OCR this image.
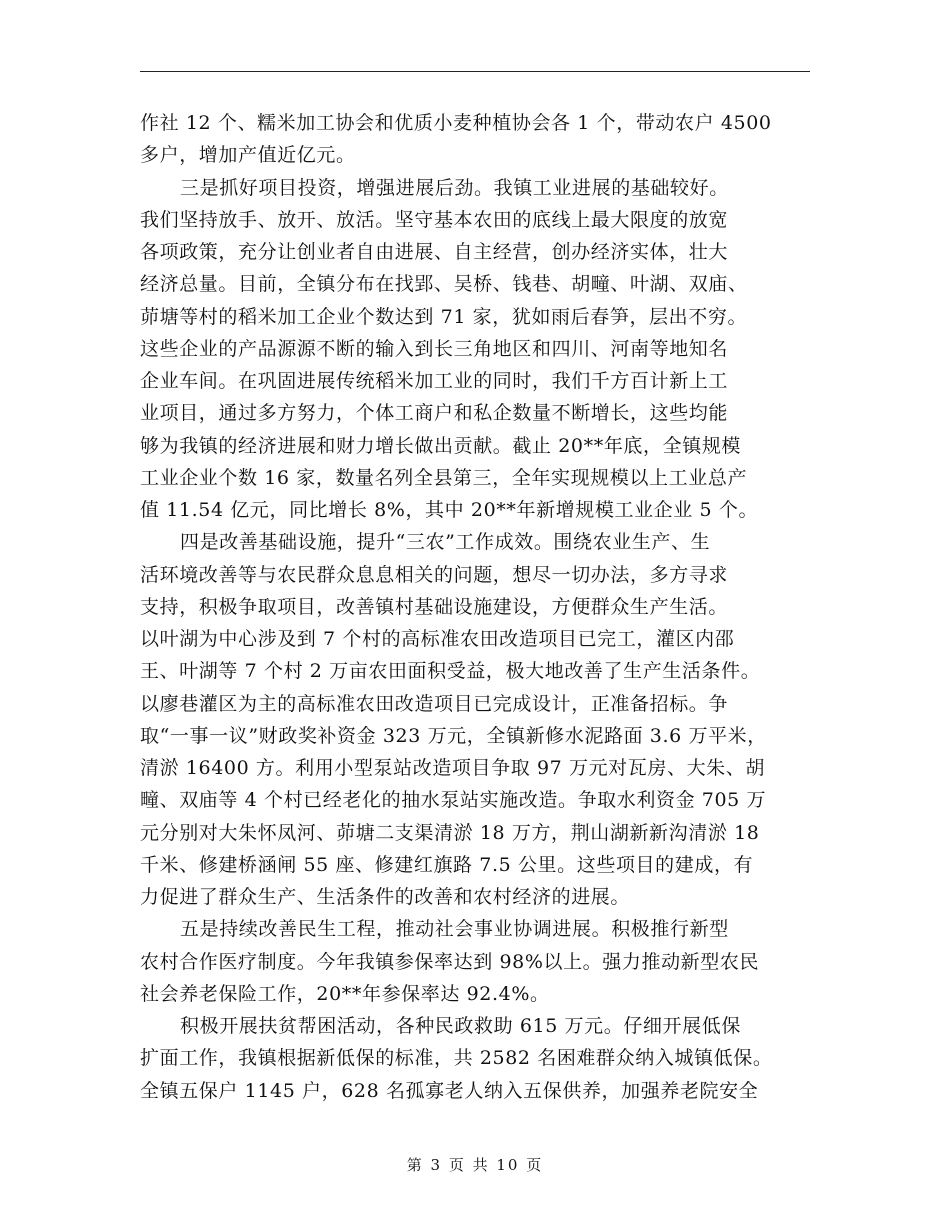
作社 12 个、糯米加工协会和优质小麦种植协会各 1 个，带动农户 4500
多户，增加产值近亿元。
三是抓好项目投资，增强进展后劲。我镇工业进展的基础较好。
我们坚持放手、放开、放活。坚守基本农田的底线上最大限度的放宽
各项政策，充分让创业者自由进展、自主经营，创办经济实体，壮大
经济总量。目前，全镇分布在找郢、吴桥、钱巷、胡疃、叶湖、双庙、
茆塘等村的稻米加工企业个数达到 71 家，犹如雨后春笋，层出不穷。
这些企业的产品源源不断的输入到长三角地区和四川、河南等地知名
企业车间。在巩固进展传统稻米加工业的同时，我们千方百计新上工
业项目，通过多方努力，个体工商户和私企数量不断增长，这些均能
够为我镇的经济进展和财力增长做出贡献。截止 20**年底，全镇规模
工业企业个数 16 家，数量名列全县第三，全年实现规模以上工业总产
值 11.54 亿元，同比增长 8%，其中 20**年新增规模工业企业 5 个。
四是改善基础设施，提升“三农”工作成效。围绕农业生产、生
活环境改善等与农民群众息息相关的问题，想尽一切办法，多方寻求
支持，积极争取项目，改善镇村基础设施建设，方便群众生产生活。
以叶湖为中心涉及到 7 个村的高标准农田改造项目已完工，灌区内邵
王、叶湖等 7 个村 2 万亩农田面积受益，极大地改善了生产生活条件。
以廖巷灌区为主的高标准农田改造项目已完成设计，正准备招标。争
取“一事一议”财政奖补资金 323 万元，全镇新修水泥路面 3.6 万平米，
清淤 16400 方。利用小型泵站改造项目争取 97 万元对瓦房、大朱、胡
疃、双庙等 4 个村已经老化的抽水泵站实施改造。争取水利资金 705 万
元分别对大朱怀凤河、茆塘二支渠清淤 18 万方，荆山湖新新沟清淤 18
千米、修建桥涵闸 55 座、修建红旗路 7.5 公里。这些项目的建成，有
力促进了群众生产、生活条件的改善和农村经济的进展。
五是持续改善民生工程，推动社会事业协调进展。积极推行新型
农村合作医疗制度。今年我镇参保率达到 98%以上。强力推动新型农民
社会养老保险工作，20**年参保率达 92.4%。
积极开展扶贫帮困活动，各种民政救助 615 万元。仔细开展低保
扩面工作，我镇根据新低保的标准，共 2582 名困难群众纳入城镇低保。
全镇五保户 1145 户，628 名孤寡老人纳入五保供养，加强养老院安全
第 3 页 共 10 页
